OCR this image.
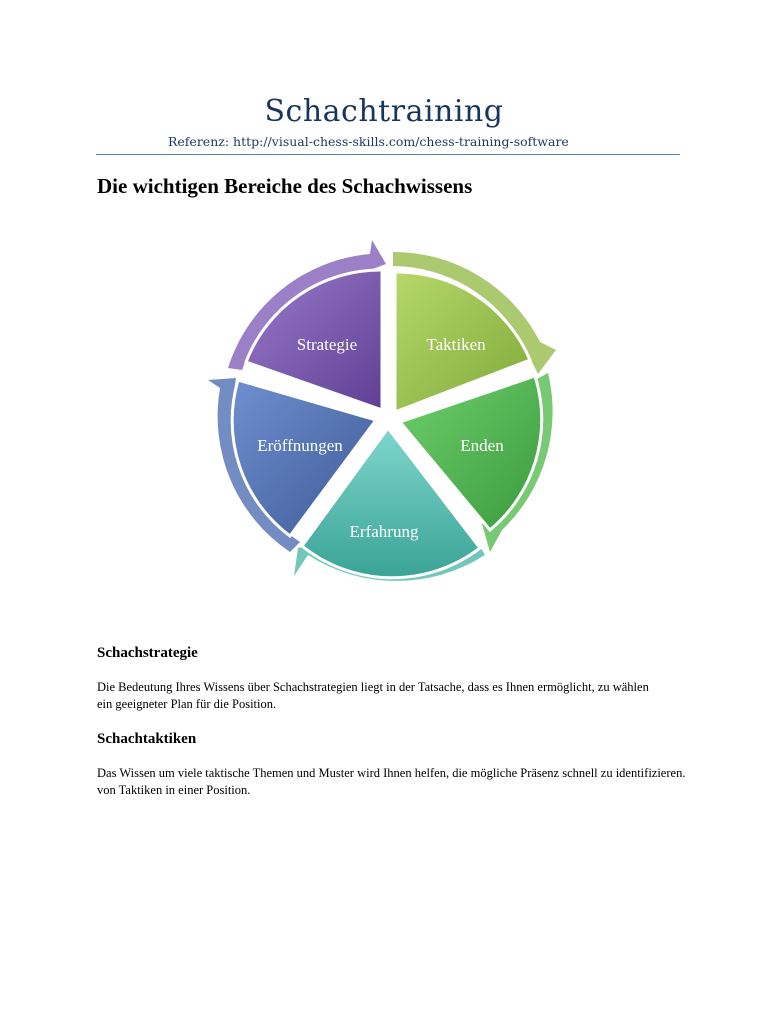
Schachtraining
Referenz: http://visual-chess-skills.com/chess-training-software
Die wichtigen Bereiche des Schachwissens
Taktiken
Enden
Erfahrung
Eröffnungen
Strategie
Schachstrategie

Die Bedeutung Ihres Wissens über Schachstrategien liegt in der Tatsache, dass es Ihnen ermöglicht, zu wählen
ein geeigneter Plan für die Position.

Schachtaktiken

Das Wissen um viele taktische Themen und Muster wird Ihnen helfen, die mögliche Präsenz schnell zu identifizieren.
von Taktiken in einer Position.
